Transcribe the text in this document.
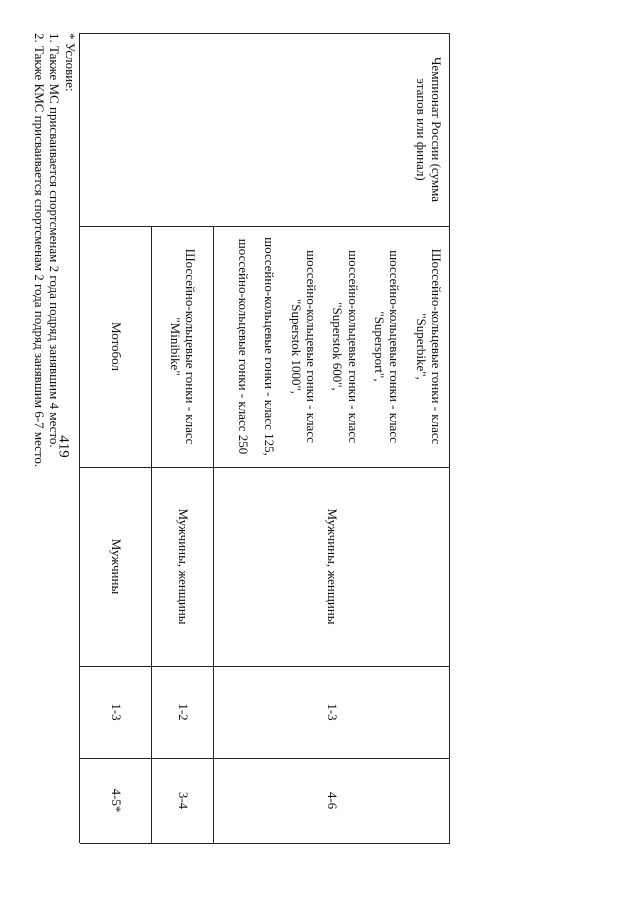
419
Чемпионат России (сумма
этапов или финал)
Шоссейно-кольцевые гонки - класс
"Superbike",
шоссейно-кольцевые гонки - класс
"Supersport",
шоссейно-кольцевые гонки - класс
"Superstok 600",
шоссейно-кольцевые гонки - класс
"Superstok 1000",
шоссейно-кольцевые гонки - класс 125,
шоссейно-кольцевые гонки - класс 250
Мужчины, женщины
1-3
4-6
Шоссейно-кольцевые гонки - класс
"Minibike"
Мужчины, женщины
1-2
3-4
Мотобол
Мужчины
1-3
4-5*
* Условие:
1. Также МС присваивается спортсменам 2 года подряд занявшим 4 место.
2. Также КМС присваивается спортсменам 2 года подряд занявшим 6-7 место.
